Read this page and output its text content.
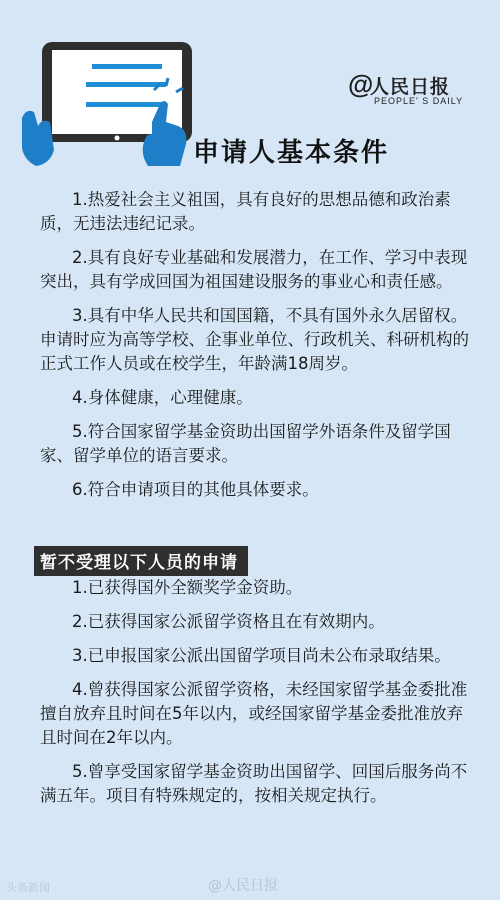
@
人民日报
PEOPLE' S DAILY
申请人基本条件

1.热爱社会主义祖国，具有良好的思想品德和政治素质，无违法违纪记录。

2.具有良好专业基础和发展潜力，在工作、学习中表现突出，具有学成回国为祖国建设服务的事业心和责任感。

3.具有中华人民共和国国籍，不具有国外永久居留权。申请时应为高等学校、企事业单位、行政机关、科研机构的正式工作人员或在校学生，年龄满18周岁。

4.身体健康，心理健康。

5.符合国家留学基金资助出国留学外语条件及留学国家、留学单位的语言要求。

6.符合申请项目的其他具体要求。

暂不受理以下人员的申请

1.已获得国外全额奖学金资助。

2.已获得国家公派留学资格且在有效期内。

3.已申报国家公派出国留学项目尚未公布录取结果。

4.曾获得国家公派留学资格，未经国家留学基金委批准擅自放弃且时间在5年以内，或经国家留学基金委批准放弃且时间在2年以内。

5.曾享受国家留学基金资助出国留学、回国后服务尚不满五年。项目有特殊规定的，按相关规定执行。

头条新闻	@人民日报
